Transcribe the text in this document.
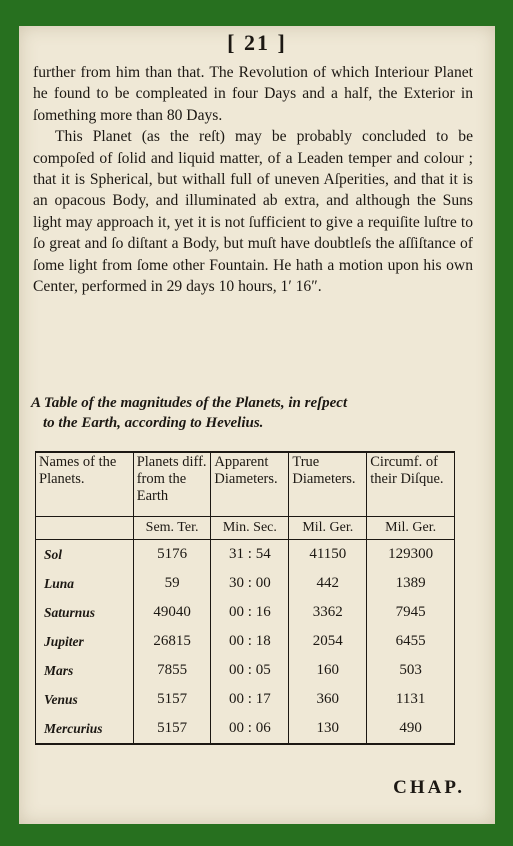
[ 21 ]

further from him than that. The Revolution of which Interiour Planet he found to be compleated in four Days and a half, the Exterior in ſomething more than 80 Days.

This Planet (as the reſt) may be probably concluded to be compoſed of ſolid and liquid matter, of a Leaden temper and colour ; that it is Spherical, but withall full of uneven Aſperities, and that it is an opacous Body, and illuminated ab extra, and although the Suns light may approach it, yet it is not ſufficient to give a requiſite luſtre to ſo great and ſo diſtant a Body, but muſt have doubtleſs the aſſiſtance of ſome light from ſome other Fountain. He hath a motion upon his own Center, performed in 29 days 10 hours, 1′ 16″.

A Table of the magnitudes of the Planets, in reſpect
to the Earth, according to Hevelius.
Names of the Planets.	Planets diff. from the Earth	Apparent Diameters.	True Diameters.	Circumf. of their Diſque.
	Sem. Ter.	Min. Sec.	Mil. Ger.	Mil. Ger.
Sol	5176	31 : 54	41150	129300
Luna	59	30 : 00	442	1389
Saturnus	49040	00 : 16	3362	7945
Jupiter	26815	00 : 18	2054	6455
Mars	7855	00 : 05	160	503
Venus	5157	00 : 17	360	1131
Mercurius	5157	00 : 06	130	490
CHAP.
